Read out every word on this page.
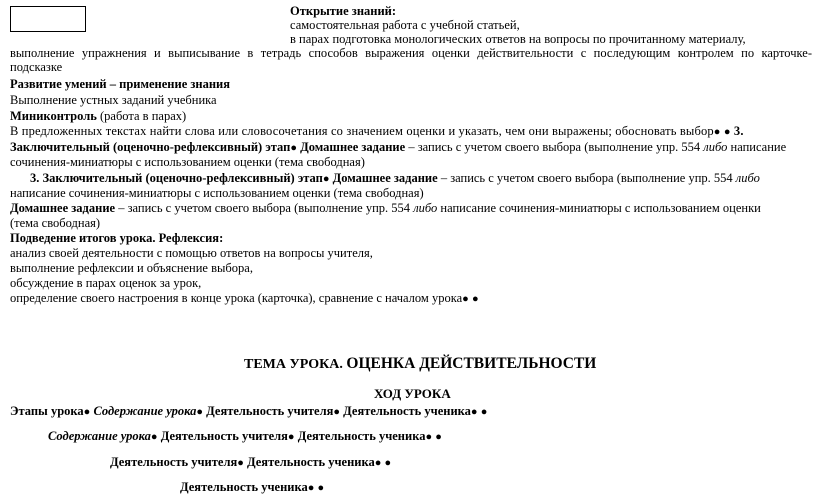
Открытие знаний:
самостоятельная работа с учебной статьей,
в парах подготовка монологических ответов на вопросы по прочитанному материалу,
выполнение упражнения и выписывание в тетрадь способов выражения оценки действительности с последующим контролем по карточке-
подсказке
Развитие умений – применение знания
Выполнение устных заданий учебника
Миниконтроль (работа в парах)
В предложенных текстах найти слова или словосочетания со значением оценки и указать, чем они выражены; обосновать выбор● ● 3.
Заключительный (оценочно-рефлексивный) этап● Домашнее задание – запись с учетом своего выбора (выполнение упр. 554 либо написание
сочинения-миниатюры с использованием оценки (тема свободная)
3. Заключительный (оценочно-рефлексивный) этап● Домашнее задание – запись с учетом своего выбора (выполнение упр. 554 либо
написание сочинения-миниатюры с использованием оценки (тема свободная)
Домашнее задание – запись с учетом своего выбора (выполнение упр. 554 либо написание сочинения-миниатюры с использованием оценки
(тема свободная)
Подведение итогов урока. Рефлексия:
анализ своей деятельности с помощью ответов на вопросы учителя,
выполнение рефлексии и объяснение выбора,
обсуждение в парах оценок за урок,
определение своего настроения в конце урока (карточка), сравнение с началом урока● ●
ТЕМА УРОКА. ОЦЕНКА ДЕЙСТВИТЕЛЬНОСТИ
ХОД УРОКА
Этапы урока● Содержание урока● Деятельность учителя● Деятельность ученика● ●
Содержание урока● Деятельность учителя● Деятельность ученика● ●
Деятельность учителя● Деятельность ученика● ●
Деятельность ученика● ●
